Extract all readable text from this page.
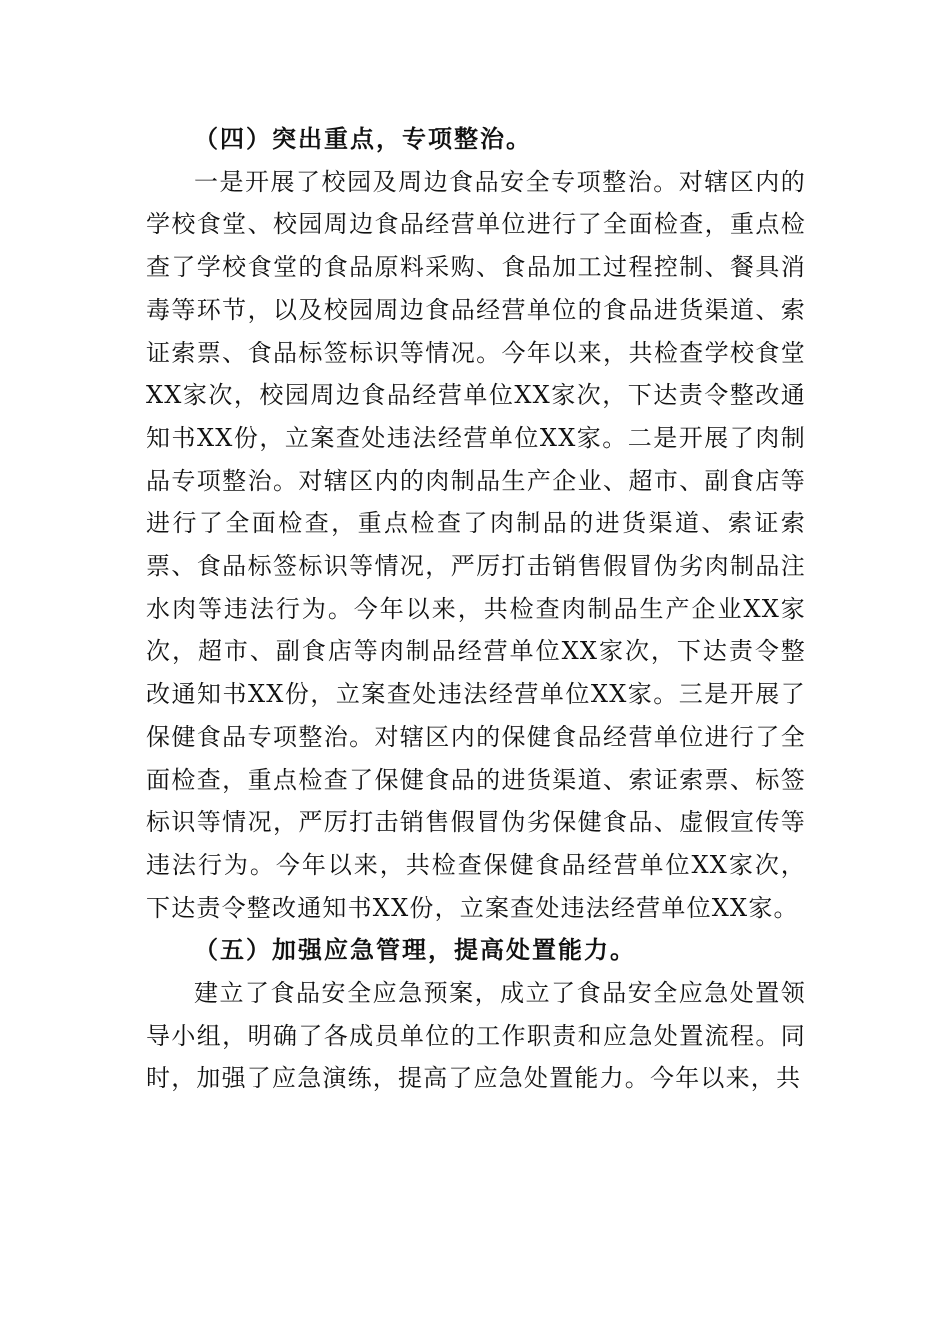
（四）突出重点，专项整治。

一是开展了校园及周边食品安全专项整治。对辖区内的学校食堂、校园周边食品经营单位进行了全面检查，重点检查了学校食堂的食品原料采购、食品加工过程控制、餐具消毒等环节，以及校园周边食品经营单位的食品进货渠道、索证索票、食品标签标识等情况。今年以来，共检查学校食堂XX家次，校园周边食品经营单位XX家次，下达责令整改通知书XX份，立案查处违法经营单位XX家。二是开展了肉制品专项整治。对辖区内的肉制品生产企业、超市、副食店等进行了全面检查，重点检查了肉制品的进货渠道、索证索票、食品标签标识等情况，严厉打击销售假冒伪劣肉制品注水肉等违法行为。今年以来，共检查肉制品生产企业XX家次，超市、副食店等肉制品经营单位XX家次，下达责令整改通知书XX份，立案查处违法经营单位XX家。三是开展了保健食品专项整治。对辖区内的保健食品经营单位进行了全面检查，重点检查了保健食品的进货渠道、索证索票、标签标识等情况，严厉打击销售假冒伪劣保健食品、虚假宣传等违法行为。今年以来，共检查保健食品经营单位XX家次，下达责令整改通知书XX份，立案查处违法经营单位XX家。

（五）加强应急管理，提高处置能力。

建立了食品安全应急预案，成立了食品安全应急处置领导小组，明确了各成员单位的工作职责和应急处置流程。同时，加强了应急演练，提高了应急处置能力。今年以来，共
